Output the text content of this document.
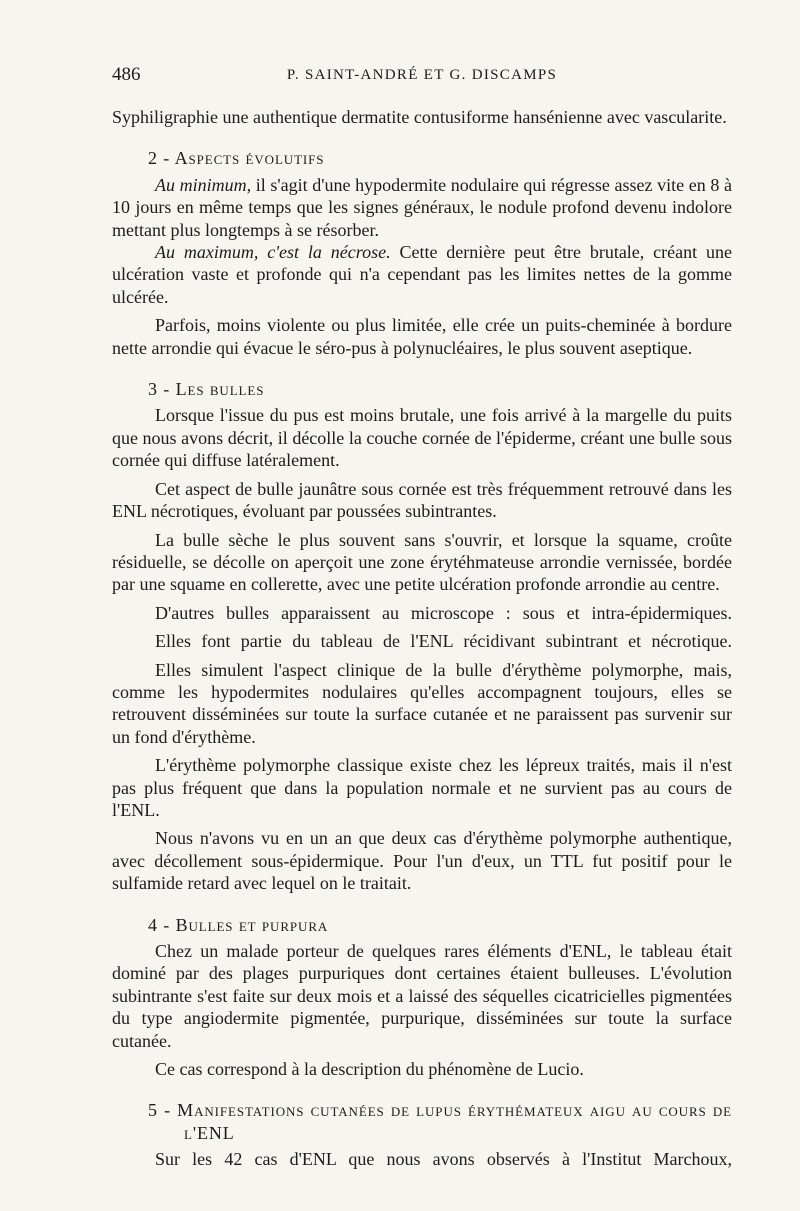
486	P. SAINT-ANDRÉ ET G. DISCAMPS

Syphiligraphie une authentique dermatite contusiforme hansénienne avec vascularite.

2 - Aspects évolutifs

Au minimum, il s'agit d'une hypodermite nodulaire qui régresse assez vite en 8 à 10 jours en même temps que les signes généraux, le nodule profond devenu indolore mettant plus longtemps à se résorber.

Au maximum, c'est la nécrose. Cette dernière peut être brutale, créant une ulcération vaste et profonde qui n'a cependant pas les limites nettes de la gomme ulcérée.

Parfois, moins violente ou plus limitée, elle crée un puits-cheminée à bordure nette arrondie qui évacue le séro-pus à polynucléaires, le plus souvent aseptique.

3 - Les bulles

Lorsque l'issue du pus est moins brutale, une fois arrivé à la margelle du puits que nous avons décrit, il décolle la couche cornée de l'épiderme, créant une bulle sous cornée qui diffuse latéralement.

Cet aspect de bulle jaunâtre sous cornée est très fréquemment retrouvé dans les ENL nécrotiques, évoluant par poussées subintrantes.

La bulle sèche le plus souvent sans s'ouvrir, et lorsque la squame, croûte résiduelle, se décolle on aperçoit une zone érytéhmateuse arrondie vernissée, bordée par une squame en collerette, avec une petite ulcération profonde arrondie au centre.

D'autres bulles apparaissent au microscope : sous et intra-épidermiques.

Elles font partie du tableau de l'ENL récidivant subintrant et nécrotique.

Elles simulent l'aspect clinique de la bulle d'érythème polymorphe, mais, comme les hypodermites nodulaires qu'elles accompagnent toujours, elles se retrouvent disséminées sur toute la surface cutanée et ne paraissent pas survenir sur un fond d'érythème.

L'érythème polymorphe classique existe chez les lépreux traités, mais il n'est pas plus fréquent que dans la population normale et ne survient pas au cours de l'ENL.

Nous n'avons vu en un an que deux cas d'érythème polymorphe authentique, avec décollement sous-épidermique. Pour l'un d'eux, un TTL fut positif pour le sulfamide retard avec lequel on le traitait.

4 - Bulles et purpura

Chez un malade porteur de quelques rares éléments d'ENL, le tableau était dominé par des plages purpuriques dont certaines étaient bulleuses. L'évolution subintrante s'est faite sur deux mois et a laissé des séquelles cicatricielles pigmentées du type angiodermite pigmentée, purpurique, disséminées sur toute la surface cutanée.

Ce cas correspond à la description du phénomène de Lucio.

5 - Manifestations cutanées de lupus érythémateux aigu au cours de l'ENL

Sur les 42 cas d'ENL que nous avons observés à l'Institut Marchoux,
